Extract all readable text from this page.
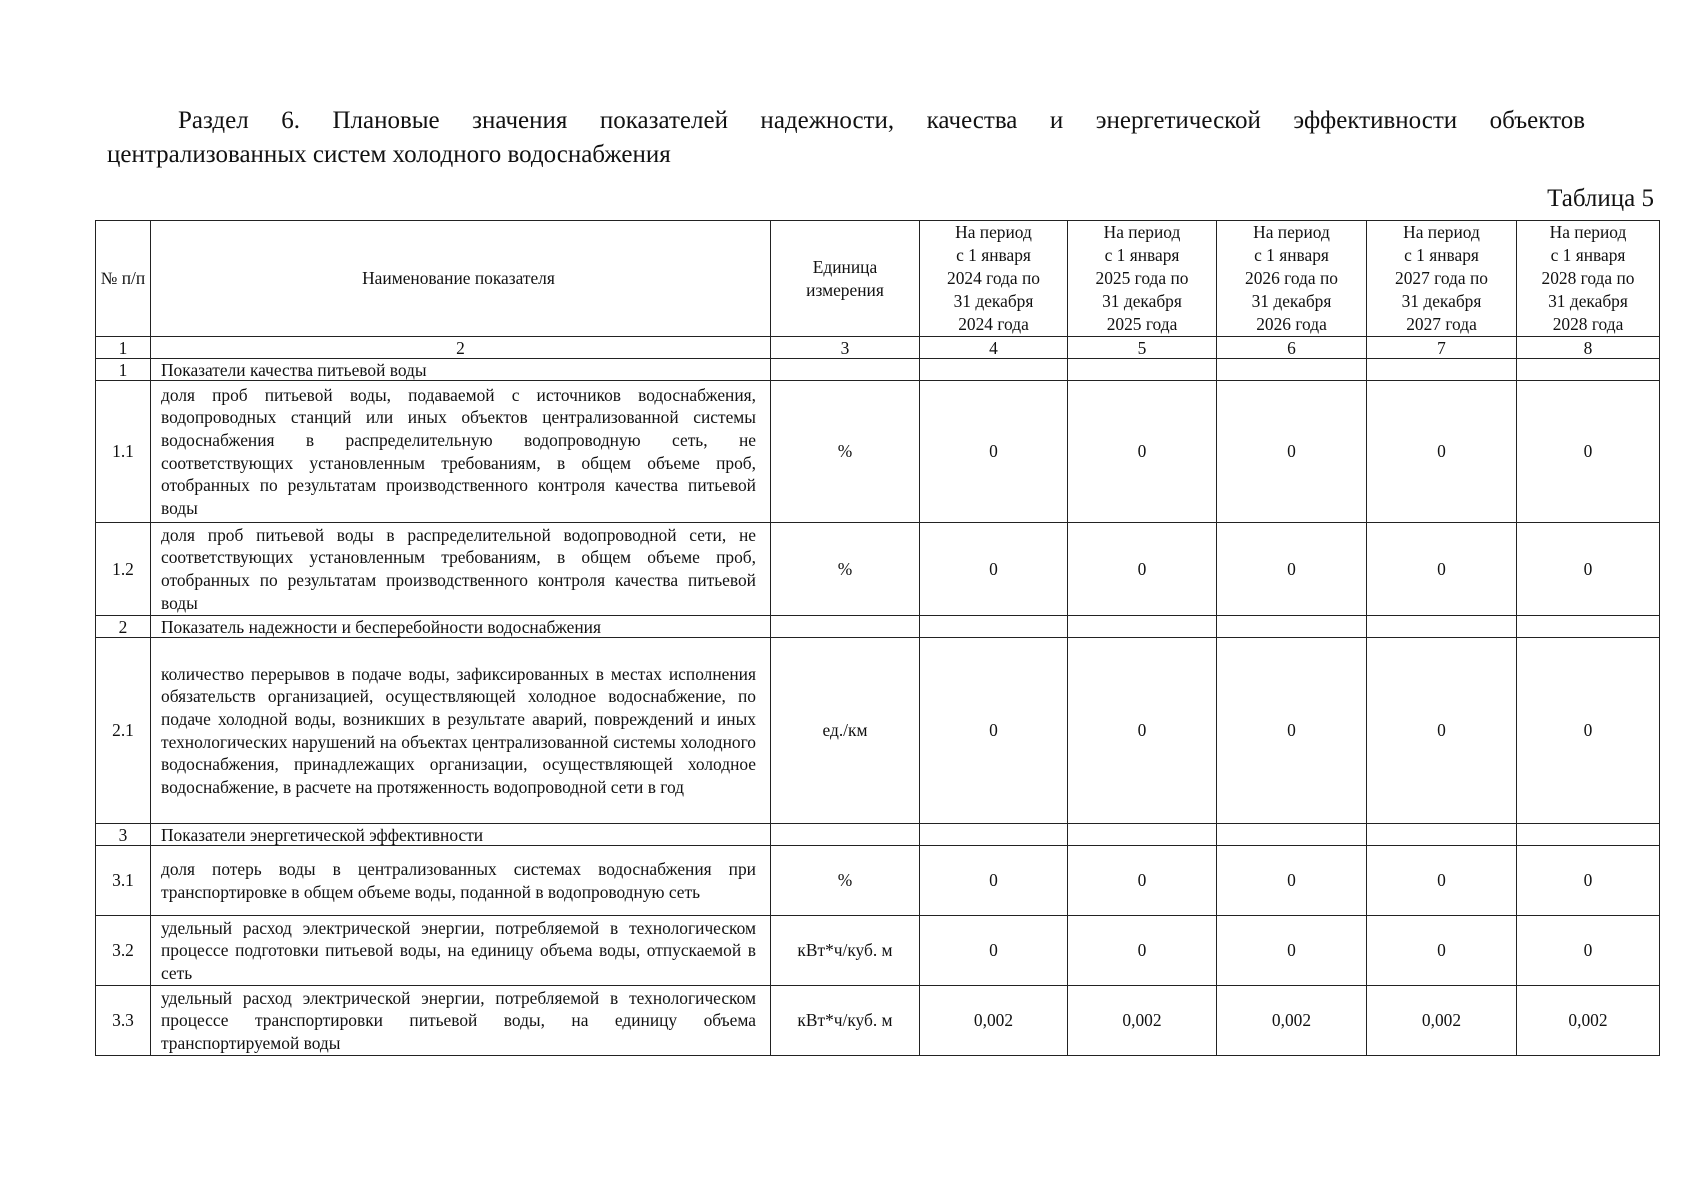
Раздел 6. Плановые значения показателей надежности, качества и энергетической эффективности объектов
централизованных систем холодного водоснабжения
Таблица 5
№ п/п	Наименование показателя	Единица измерения	На период
с 1 января
2024 года по
31 декабря
2024 года	На период
с 1 января
2025 года по
31 декабря
2025 года	На период
с 1 января
2026 года по
31 декабря
2026 года	На период
с 1 января
2027 года по
31 декабря
2027 года	На период
с 1 января
2028 года по
31 декабря
2028 года

1	2	3	4	5	6	7	8
1	Показатели качества питьевой воды						
1.1	доля проб питьевой воды, подаваемой с источников водоснабжения, водопроводных станций или иных объектов централизованной системы водоснабжения в распределительную водопроводную сеть, не соответствующих установленным требованиям, в общем объеме проб, отобранных по результатам производственного контроля качества питьевой воды	%	0	0	0	0	0
1.2	доля проб питьевой воды в распределительной водопроводной сети, не соответствующих установленным требованиям, в общем объеме проб, отобранных по результатам производственного контроля качества питьевой воды	%	0	0	0	0	0
2	Показатель надежности и бесперебойности водоснабжения						
2.1	количество перерывов в подаче воды, зафиксированных в местах исполнения обязательств организацией, осуществляющей холодное водоснабжение, по подаче холодной воды, возникших в результате аварий, повреждений и иных технологических нарушений на объектах централизованной системы холодного водоснабжения, принадлежащих организации, осуществляющей холодное водоснабжение, в расчете на протяженность водопроводной сети в год	ед./км	0	0	0	0	0
3	Показатели энергетической эффективности						
3.1	доля потерь воды в централизованных системах водоснабжения при транспортировке в общем объеме воды, поданной в водопроводную сеть	%	0	0	0	0	0
3.2	удельный расход электрической энергии, потребляемой в технологическом процессе подготовки питьевой воды, на единицу объема воды, отпускаемой в сеть	кВт*ч/куб. м	0	0	0	0	0
3.3	удельный расход электрической энергии, потребляемой в технологическом процессе транспортировки питьевой воды, на единицу объема транспортируемой воды	кВт*ч/куб. м	0,002	0,002	0,002	0,002	0,002
